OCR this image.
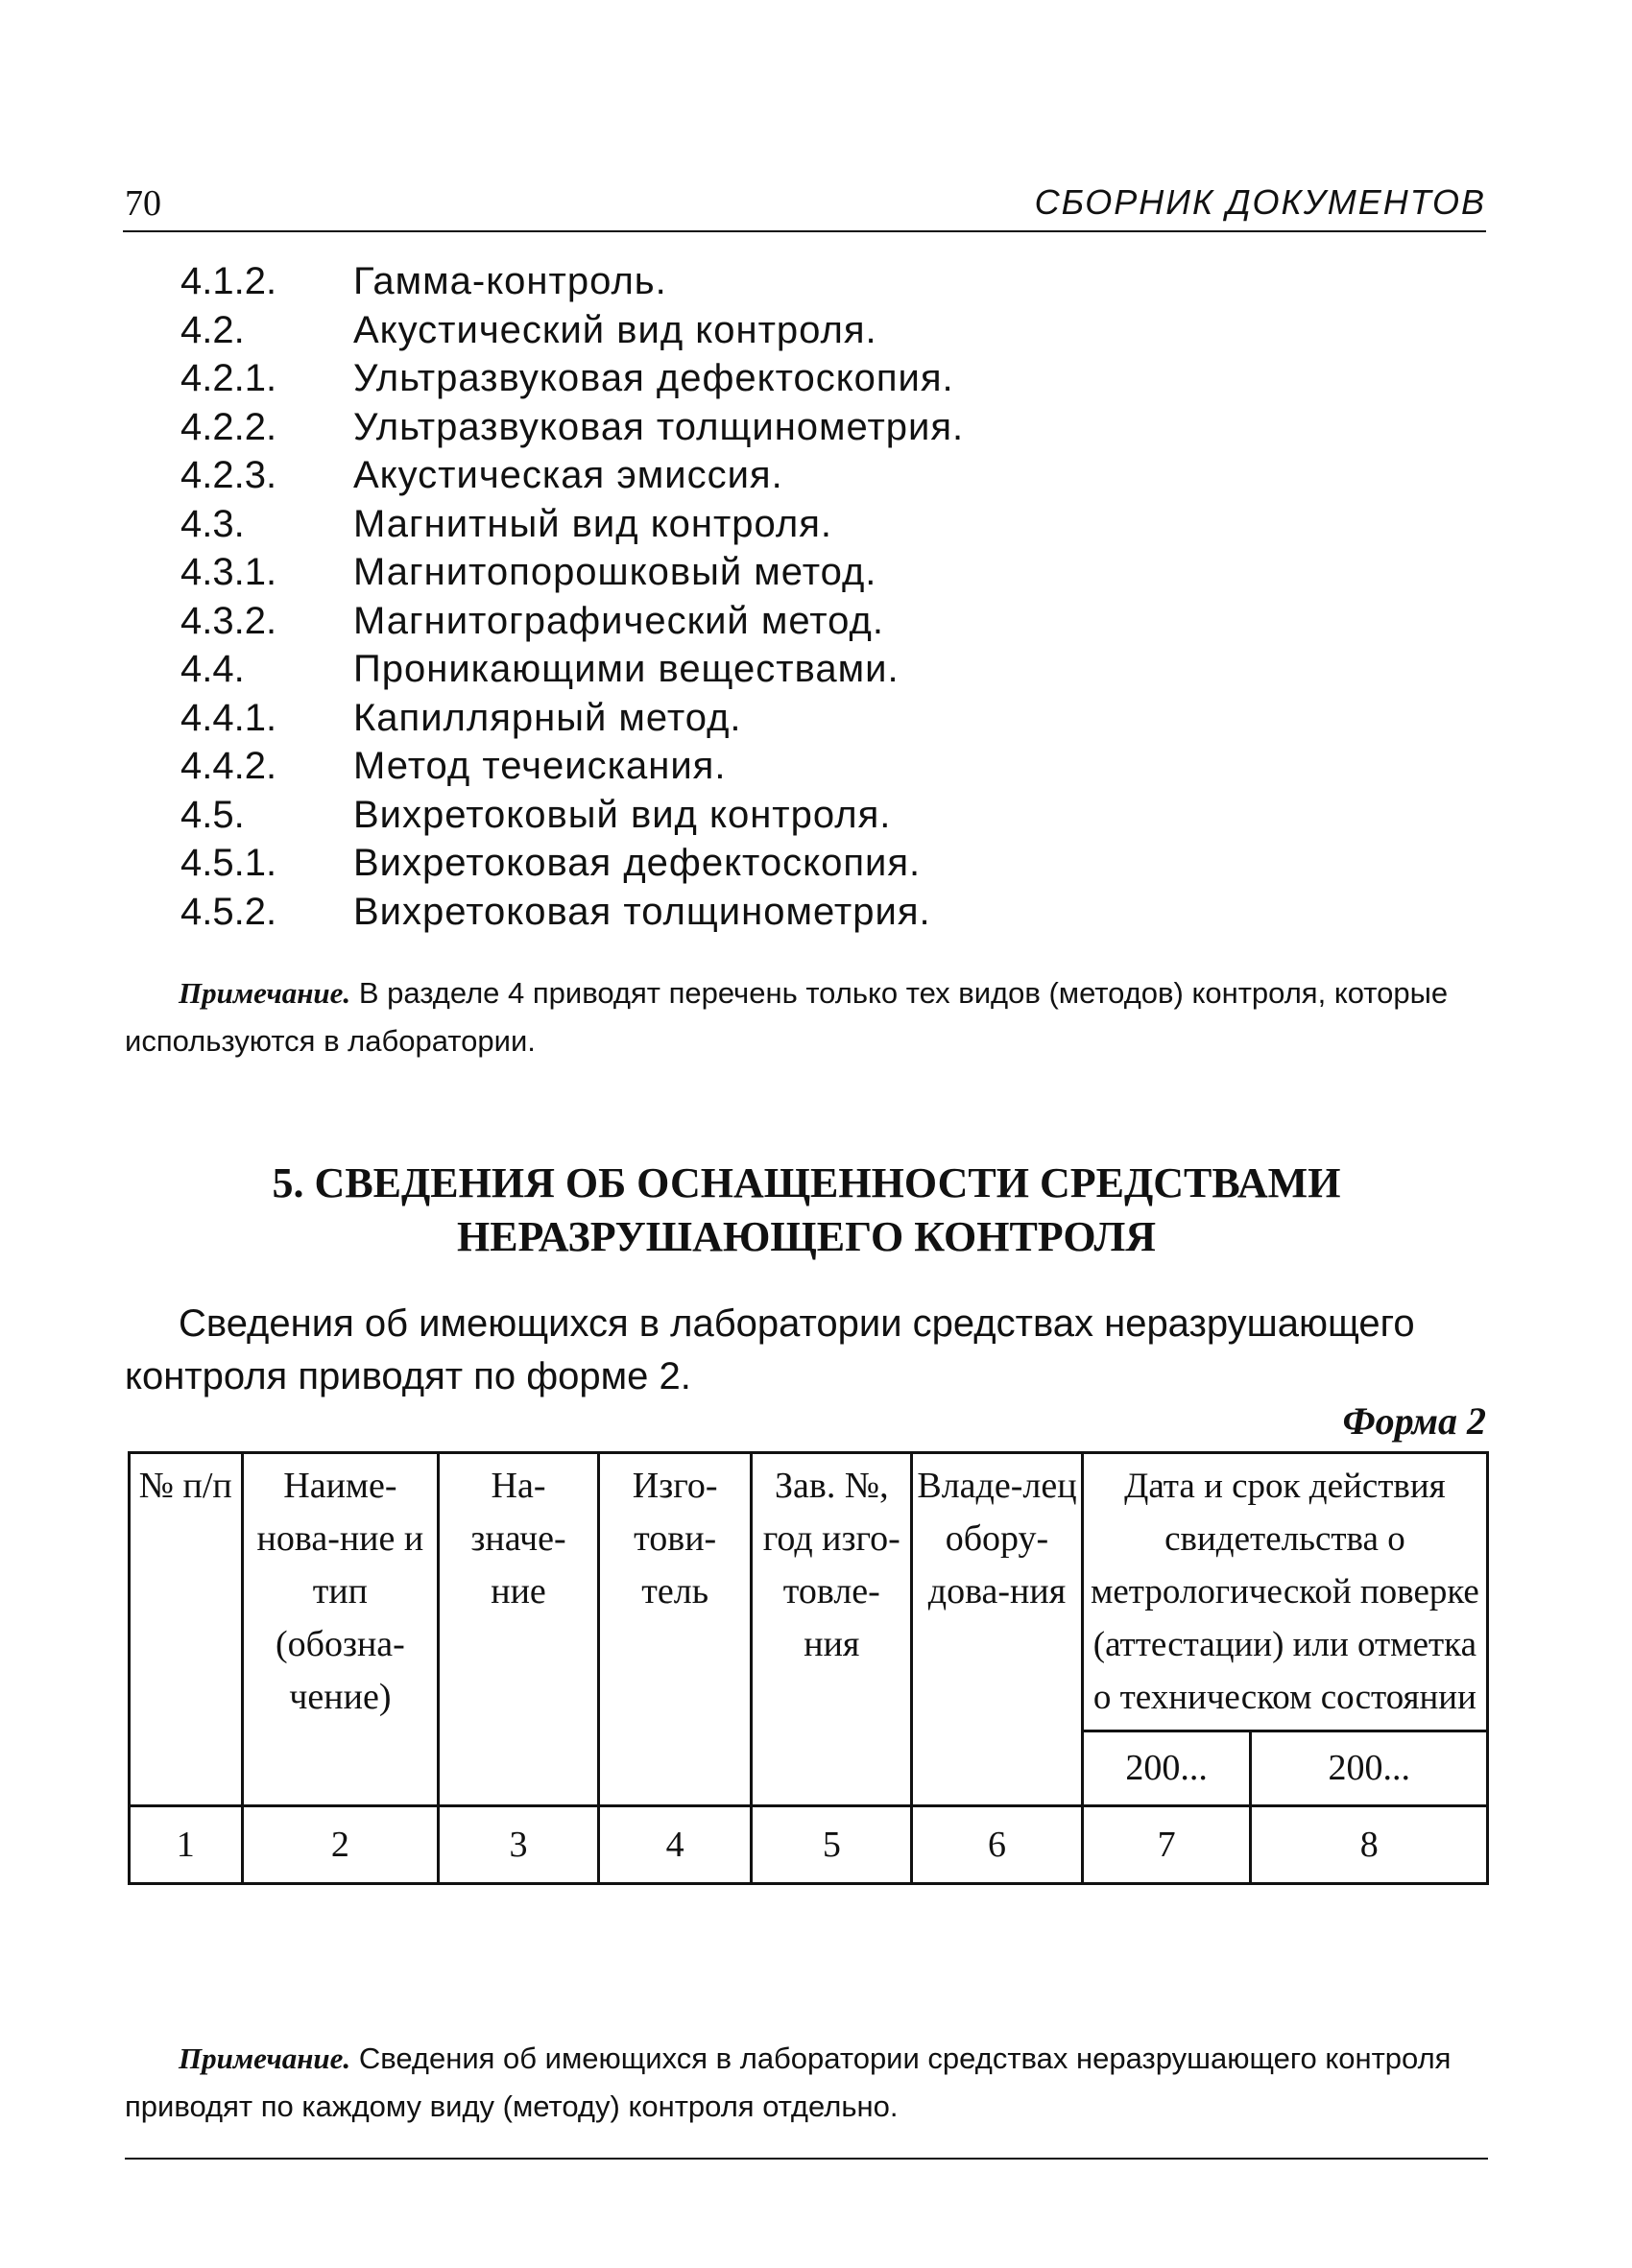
70	СБОРНИК ДОКУМЕНТОВ
4.1.2. Гамма-контроль.
4.2.	Акустический вид контроля.
4.2.1. Ультразвуковая дефектоскопия.
4.2.2. Ультразвуковая толщинометрия.
4.2.3. Акустическая эмиссия.
4.3.	Магнитный вид контроля.
4.3.1. Магнитопорошковый метод.
4.3.2. Магнитографический метод.
4.4.	Проникающими веществами.
4.4.1. Капиллярный метод.
4.4.2. Метод течеискания.
4.5.	Вихретоковый вид контроля.
4.5.1. Вихретоковая дефектоскопия.
4.5.2. Вихретоковая толщинометрия.
Примечание. В разделе 4 приводят перечень только тех видов (методов) контроля, которые используются в лаборатории.
5. СВЕДЕНИЯ ОБ ОСНАЩЕННОСТИ СРЕДСТВАМИ
НЕРАЗРУШАЮЩЕГО КОНТРОЛЯ
Сведения об имеющихся в лаборатории средствах неразрушающего контроля приводят по форме 2.
Форма 2
№ п/п	Наиме-нова-ние и тип (обозна-чение)	На-значе-ние	Изго-тови-тель	Зав. №, год изго-товле-ния	Владе-лец обору-дова-ния	Дата и срок действия свидетельства о метрологической поверке (аттестации) или отметка о техническом состоянии	
						200...	200...
1	2	3	4	5	6	7	8
Примечание. Сведения об имеющихся в лаборатории средствах неразрушающего контроля приводят по каждому виду (методу) контроля отдельно.
